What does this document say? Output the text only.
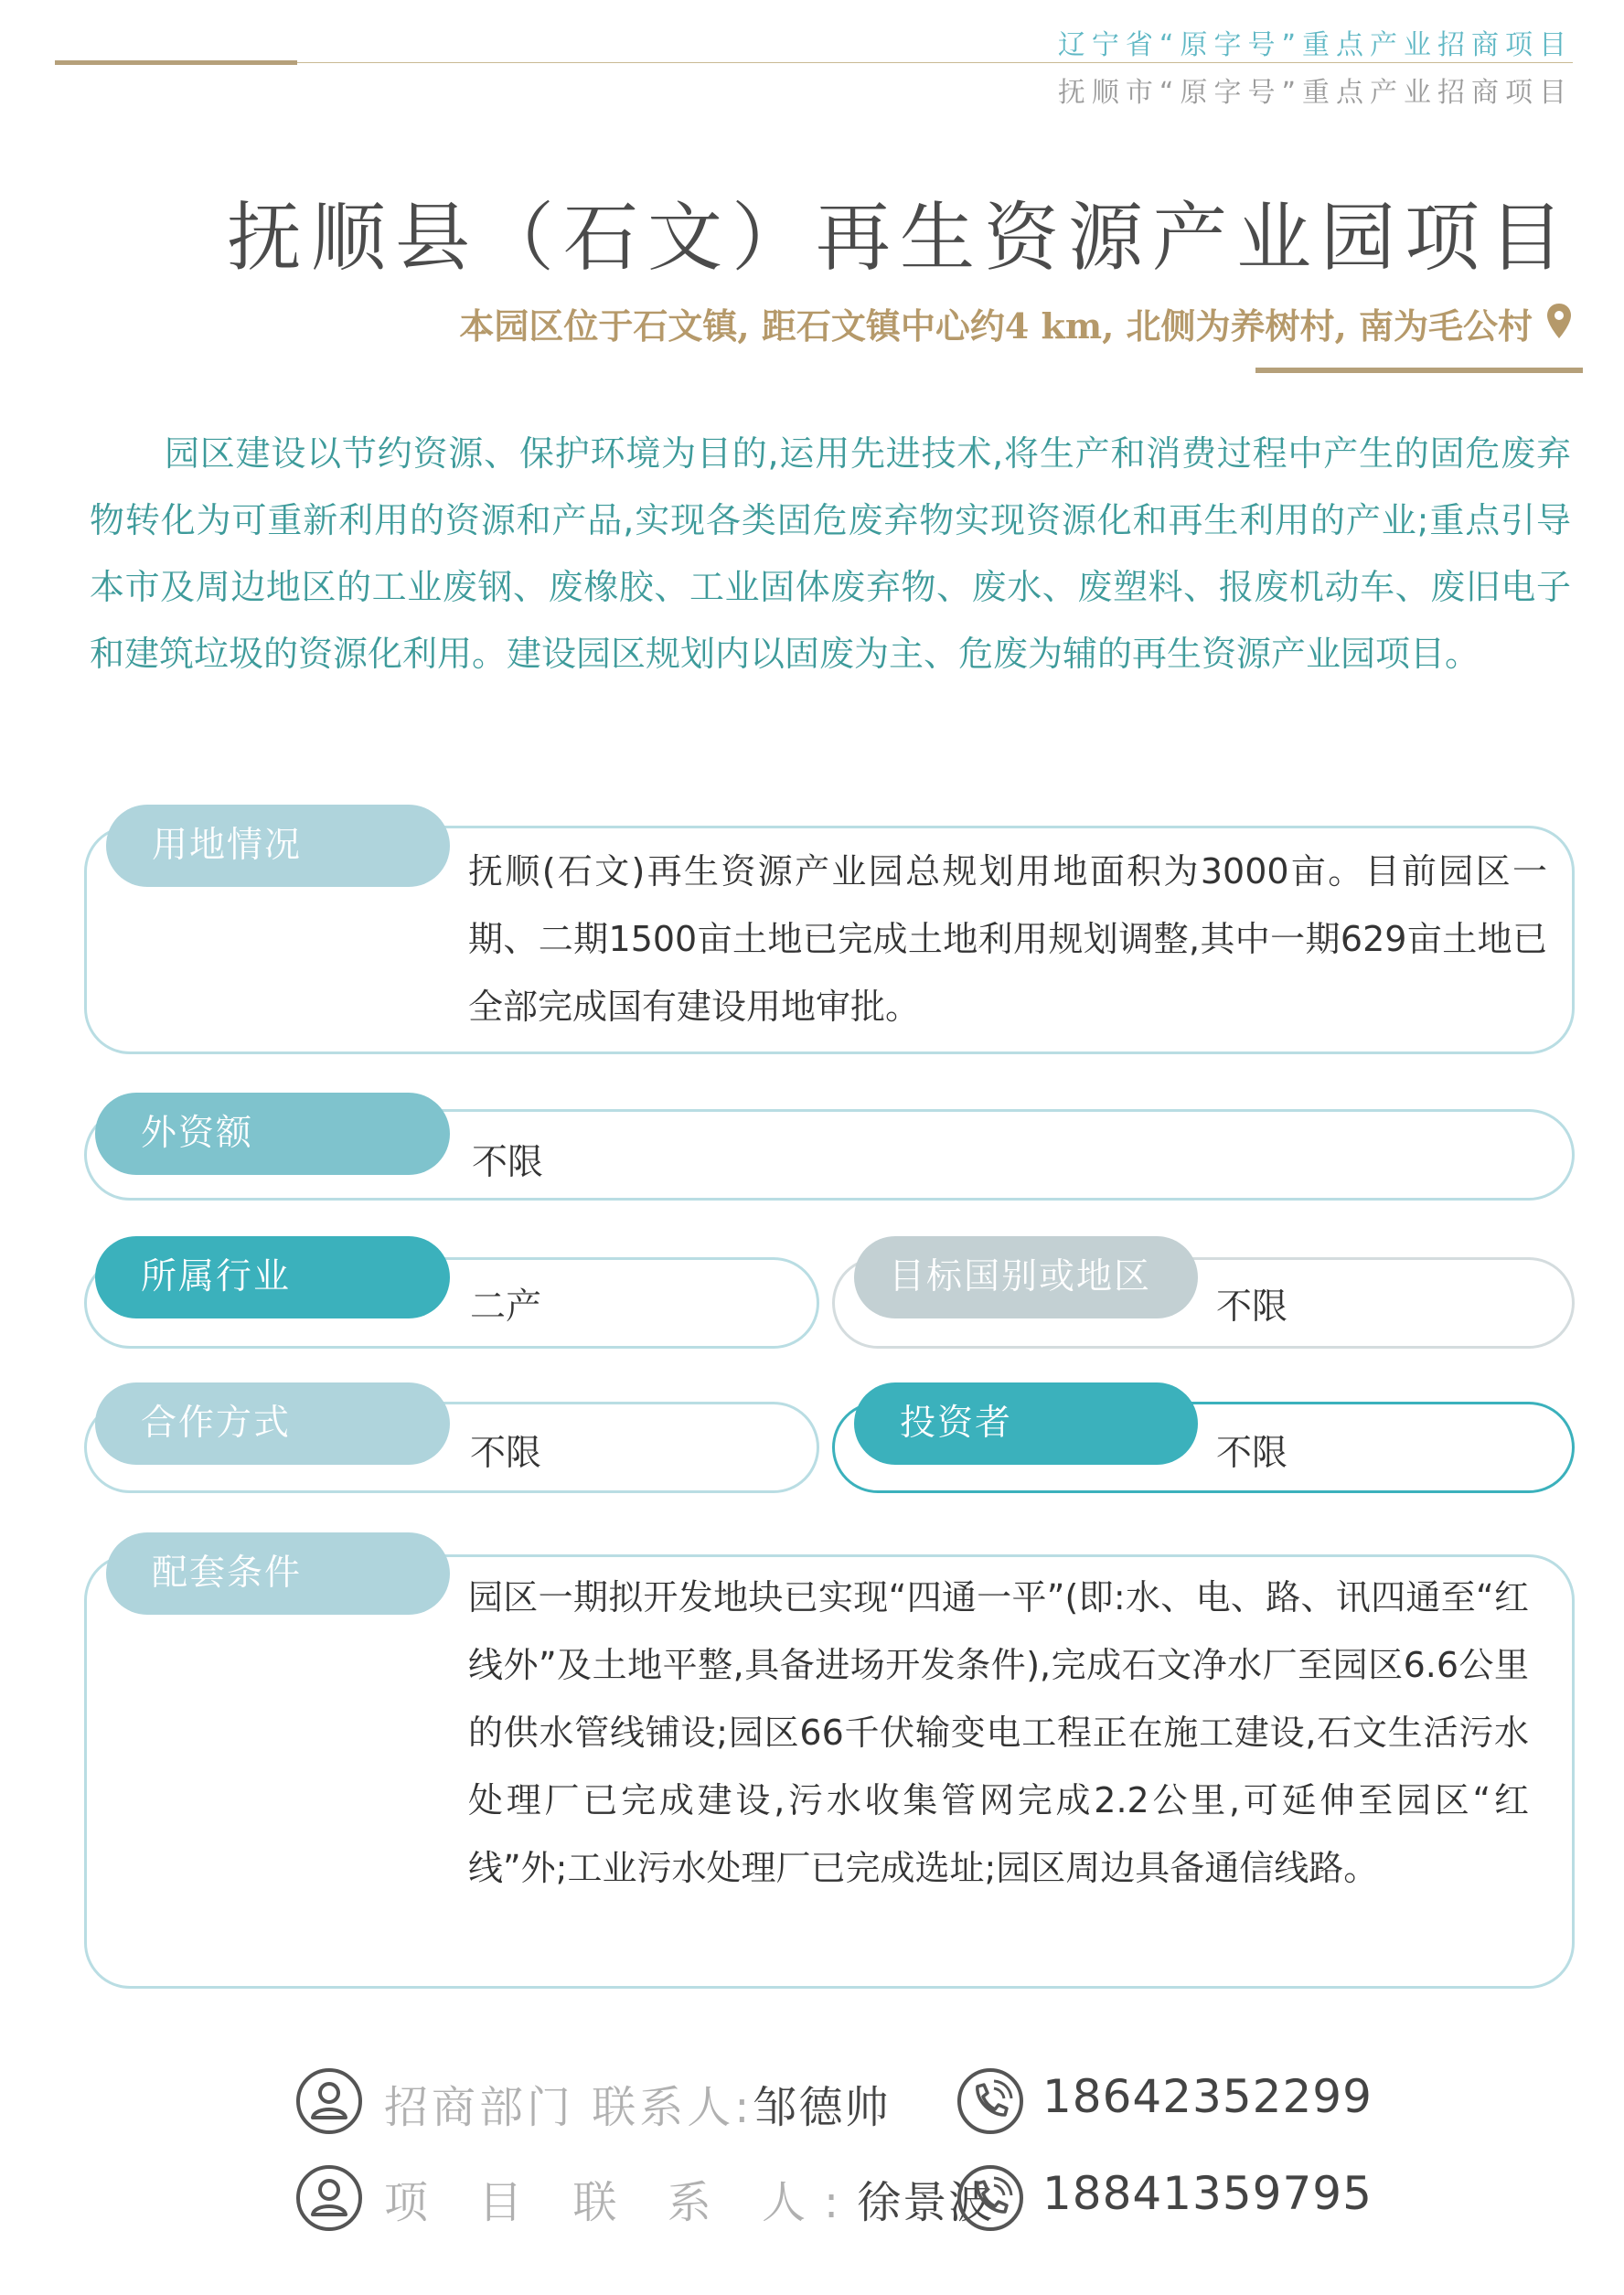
辽宁省“原字号”重点产业招商项目
抚顺市“原字号”重点产业招商项目
抚顺县（石文）再生资源产业园项目
本园区位于石文镇, 距石文镇中心约4 km, 北侧为养树村, 南为毛公村
园区建设以节约资源、保护环境为目的,运用先进技术,将生产和消费过程中产生的固危废弃物转化为可重新利用的资源和产品,实现各类固危废弃物实现资源化和再生利用的产业;重点引导本市及周边地区的工业废钢、废橡胶、工业固体废弃物、废水、废塑料、报废机动车、废旧电子和建筑垃圾的资源化利用。建设园区规划内以固废为主、危废为辅的再生资源产业园项目。
用地情况
抚顺(石文)再生资源产业园总规划用地面积为3000亩。目前园区一期、二期1500亩土地已完成土地利用规划调整,其中一期629亩土地已全部完成国有建设用地审批。
外资额
不限
所属行业
二产
目标国别或地区
不限
合作方式
不限
投资者
不限
配套条件
园区一期拟开发地块已实现“四通一平”(即:水、电、路、讯四通至“红线外”及土地平整,具备进场开发条件),完成石文净水厂至园区6.6公里的供水管线铺设;园区66千伏输变电工程正在施工建设,石文生活污水处理厂已完成建设,污水收集管网完成2.2公里,可延伸至园区“红线”外;工业污水处理厂已完成选址;园区周边具备通信线路。
招商部门 联系人:邹德帅	18642352299
项 目 联 系 人:徐景波 18841359795
